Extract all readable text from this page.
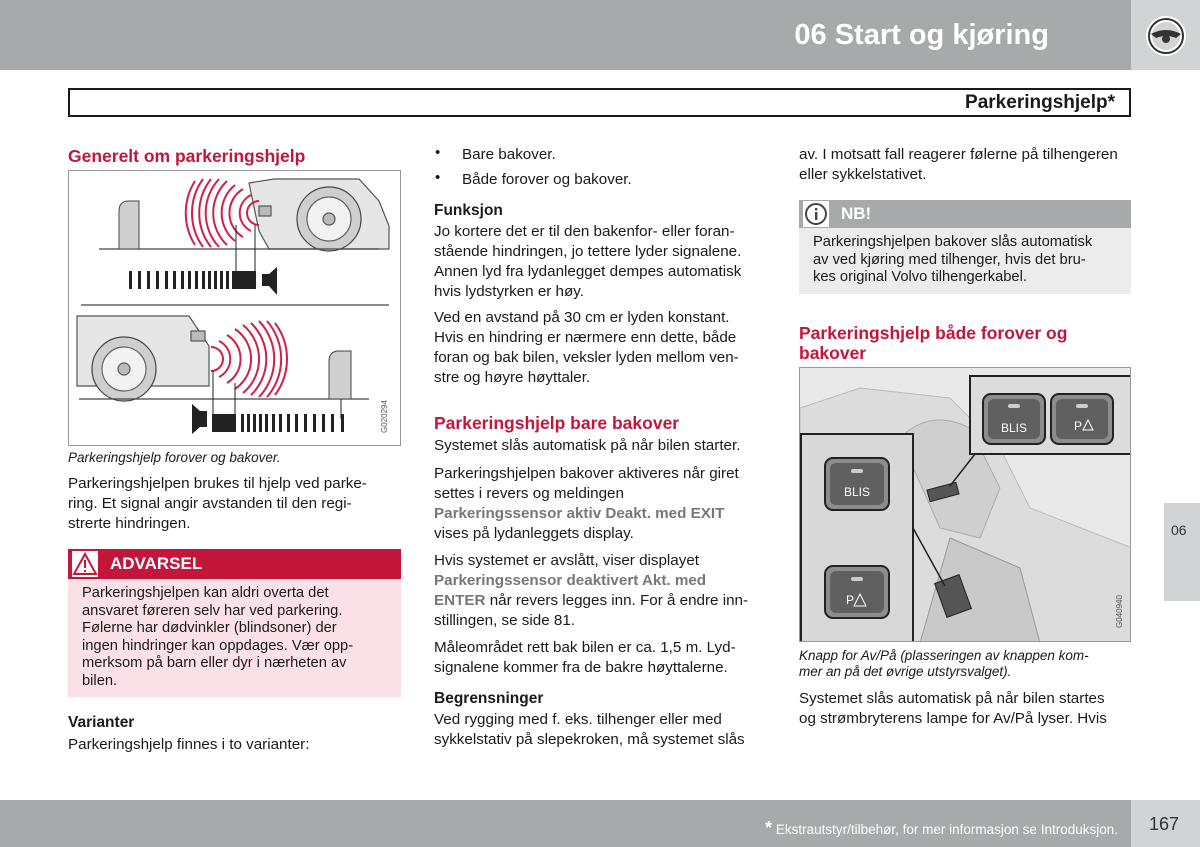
06 Start og kjøring
Parkeringshjelp*
Generelt om parkeringshjelp
G020294
Parkeringshjelp forover og bakover.
Parkeringshjelpen brukes til hjelp ved parke-
ring. Et signal angir avstanden til den regi-
strerte hindringen.
ADVARSEL
Parkeringshjelpen kan aldri overta det
ansvaret føreren selv har ved parkering.
Følerne har dødvinkler (blindsoner) der
ingen hindringer kan oppdages. Vær opp-
merksom på barn eller dyr i nærheten av
bilen.
Varianter
Parkeringshjelp finnes i to varianter:
• Bare bakover.
• Både forover og bakover.
Funksjon
Jo kortere det er til den bakenfor- eller foran-
stående hindringen, jo tettere lyder signalene.
Annen lyd fra lydanlegget dempes automatisk
hvis lydstyrken er høy.
Ved en avstand på 30 cm er lyden konstant.
Hvis en hindring er nærmere enn dette, både
foran og bak bilen, veksler lyden mellom ven-
stre og høyre høyttaler.
Parkeringshjelp bare bakover
Systemet slås automatisk på når bilen starter.
Parkeringshjelpen bakover aktiveres når giret
settes i revers og meldingen
Parkeringssensor aktiv Deakt. med EXIT
vises på lydanleggets display.
Hvis systemet er avslått, viser displayet
Parkeringssensor deaktivert Akt. med
ENTER når revers legges inn. For å endre inn-
stillingen, se side 81.
Måleområdet rett bak bilen er ca. 1,5 m. Lyd-
signalene kommer fra de bakre høyttalerne.
Begrensninger
Ved rygging med f. eks. tilhenger eller med
sykkelstativ på slepekroken, må systemet slås
av. I motsatt fall reagerer følerne på tilhengeren
eller sykkelstativet.
NB!
Parkeringshjelpen bakover slås automatisk
av ved kjøring med tilhenger, hvis det bru-
kes original Volvo tilhengerkabel.
Parkeringshjelp både forover og
bakover
BLIS
P
BLIS	P
G040940
Knapp for Av/På (plasseringen av knappen kom-
mer an på det øvrige utstyrsvalget).
Systemet slås automatisk på når bilen startes
og strømbryterens lampe for Av/På lyser. Hvis
06
* Ekstrautstyr/tilbehør, for mer informasjon se Introduksjon. 167
